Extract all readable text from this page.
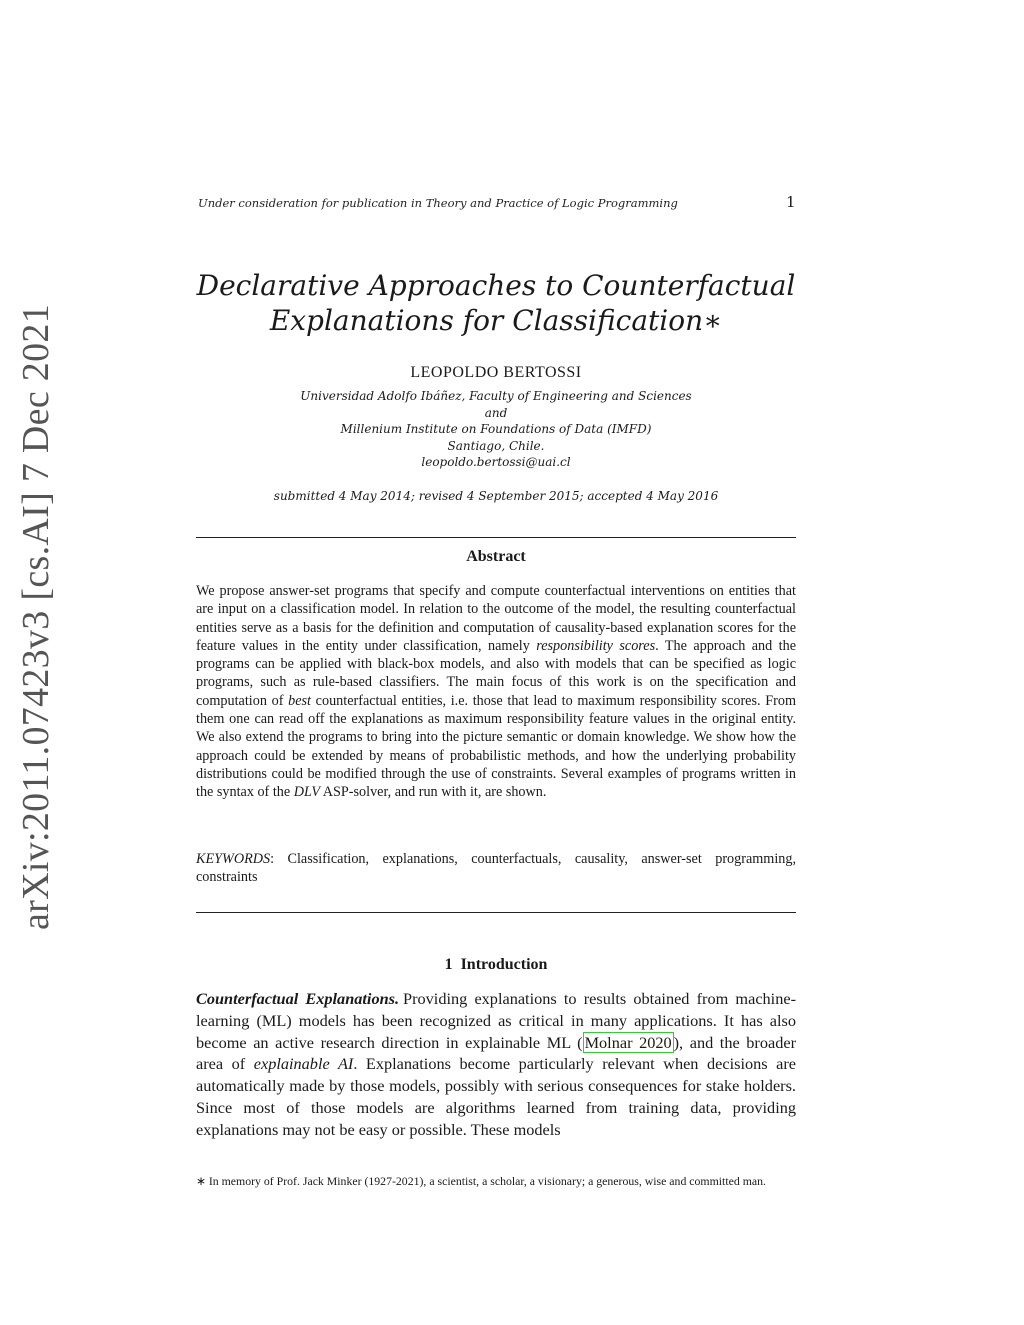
Under consideration for publication in Theory and Practice of Logic Programming	1
arXiv:2011.07423v3 [cs.AI] 7 Dec 2021
Declarative Approaches to Counterfactual
Explanations for Classification∗
LEOPOLDO BERTOSSI
Universidad Adolfo Ibáñez, Faculty of Engineering and Sciences
and
Millenium Institute on Foundations of Data (IMFD)
Santiago, Chile.
leopoldo.bertossi@uai.cl
submitted 4 May 2014; revised 4 September 2015; accepted 4 May 2016
Abstract
We propose answer-set programs that specify and compute counterfactual interventions on entities that are input on a classification model. In relation to the outcome of the model, the resulting counterfactual entities serve as a basis for the definition and computation of causality-based explanation scores for the feature values in the entity under classification, namely responsibility scores. The approach and the programs can be applied with black-box models, and also with models that can be specified as logic programs, such as rule-based classifiers. The main focus of this work is on the specification and computation of best counterfactual entities, i.e. those that lead to maximum responsibility scores. From them one can read off the explanations as maximum responsibility feature values in the original entity. We also extend the programs to bring into the picture semantic or domain knowledge. We show how the approach could be extended by means of probabilistic methods, and how the underlying probability distributions could be modified through the use of constraints. Several examples of programs written in the syntax of the DLV ASP-solver, and run with it, are shown.
KEYWORDS: Classification, explanations, counterfactuals, causality, answer-set programming, constraints
1 Introduction
Counterfactual Explanations. Providing explanations to results obtained from machine-learning (ML) models has been recognized as critical in many applications. It has also become an active research direction in explainable ML ( Molnar 2020 ), and the broader area of explainable AI. Explanations become particularly relevant when decisions are automatically made by those models, possibly with serious consequences for stake holders. Since most of those models are algorithms learned from training data, providing explanations may not be easy or possible. These models
∗ In memory of Prof. Jack Minker (1927-2021), a scientist, a scholar, a visionary; a generous, wise and committed man.
